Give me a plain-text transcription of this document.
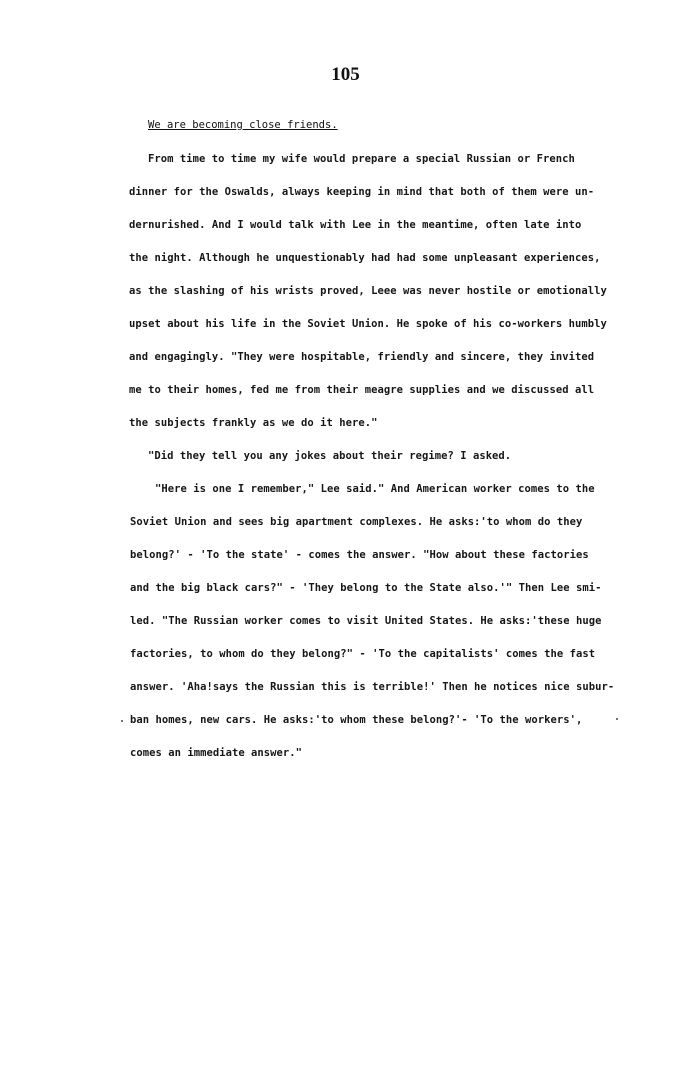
105
We are becoming close friends.
From time to time my wife would prepare a special Russian or French
dinner for the Oswalds, always keeping in mind that both of them were un-
dernurished. And I would talk with Lee in the meantime, often late into
the night. Although he unquestionably had had some unpleasant experiences,
as the slashing of his wrists proved, Leee was never hostile or emotionally
upset about his life in the Soviet Union. He spoke of his co-workers humbly
and engagingly. "They were hospitable, friendly and sincere, they invited
me to their homes, fed me from their meagre supplies and we discussed all
the subjects frankly as we do it here."
"Did they tell you any jokes about their regime? I asked.
"Here is one I remember," Lee said." And American worker comes to the
Soviet Union and sees big apartment complexes. He asks:'to whom do they
belong?' - 'To the state' - comes the answer. "How about these factories
and the big black cars?" - 'They belong to the State also.'" Then Lee smi-
led. "The Russian worker comes to visit United States. He asks:'these huge
factories, to whom do they belong?" - 'To the capitalists' comes the fast
answer. 'Aha!says the Russian this is terrible!' Then he notices nice subur-
ban homes, new cars. He asks:'to whom these belong?'- 'To the workers',
comes an immediate answer."
